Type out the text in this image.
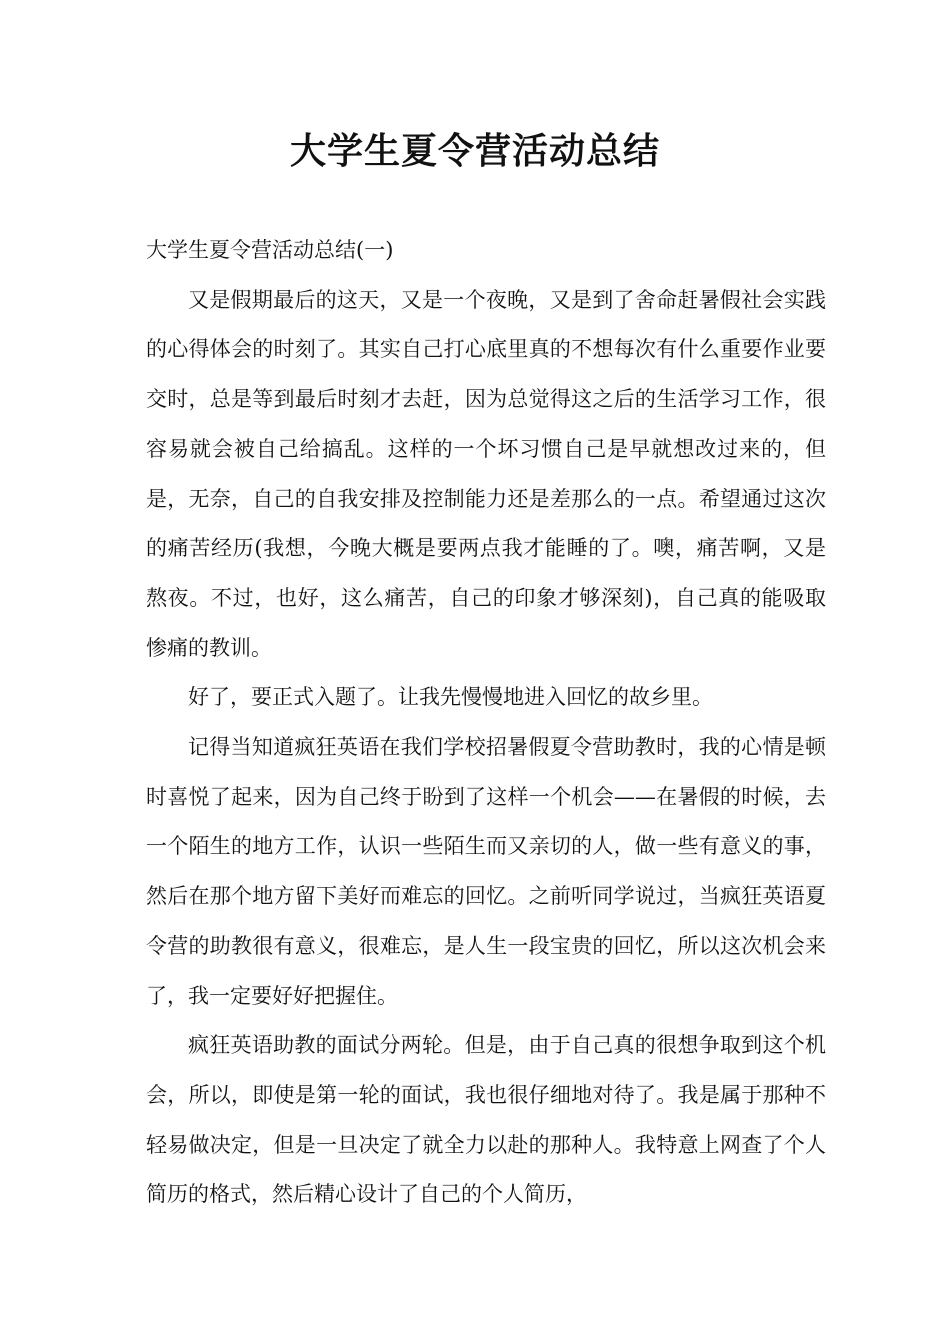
大学生夏令营活动总结

大学生夏令营活动总结(一)

又是假期最后的这天，又是一个夜晚，又是到了舍命赶暑假社会实践的心得体会的时刻了。其实自己打心底里真的不想每次有什么重要作业要交时，总是等到最后时刻才去赶，因为总觉得这之后的生活学习工作，很容易就会被自己给搞乱。这样的一个坏习惯自己是早就想改过来的，但是，无奈，自己的自我安排及控制能力还是差那么的一点。希望通过这次的痛苦经历(我想，今晚大概是要两点我才能睡的了。噢，痛苦啊，又是熬夜。不过，也好，这么痛苦，自己的印象才够深刻)，自己真的能吸取惨痛的教训。

好了，要正式入题了。让我先慢慢地进入回忆的故乡里。

记得当知道疯狂英语在我们学校招暑假夏令营助教时，我的心情是顿时喜悦了起来，因为自己终于盼到了这样一个机会——在暑假的时候，去一个陌生的地方工作，认识一些陌生而又亲切的人，做一些有意义的事，然后在那个地方留下美好而难忘的回忆。之前听同学说过，当疯狂英语夏令营的助教很有意义，很难忘，是人生一段宝贵的回忆，所以这次机会来了，我一定要好好把握住。

疯狂英语助教的面试分两轮。但是，由于自己真的很想争取到这个机会，所以，即使是第一轮的面试，我也很仔细地对待了。我是属于那种不轻易做决定，但是一旦决定了就全力以赴的那种人。我特意上网查了个人简历的格式，然后精心设计了自己的个人简历，
